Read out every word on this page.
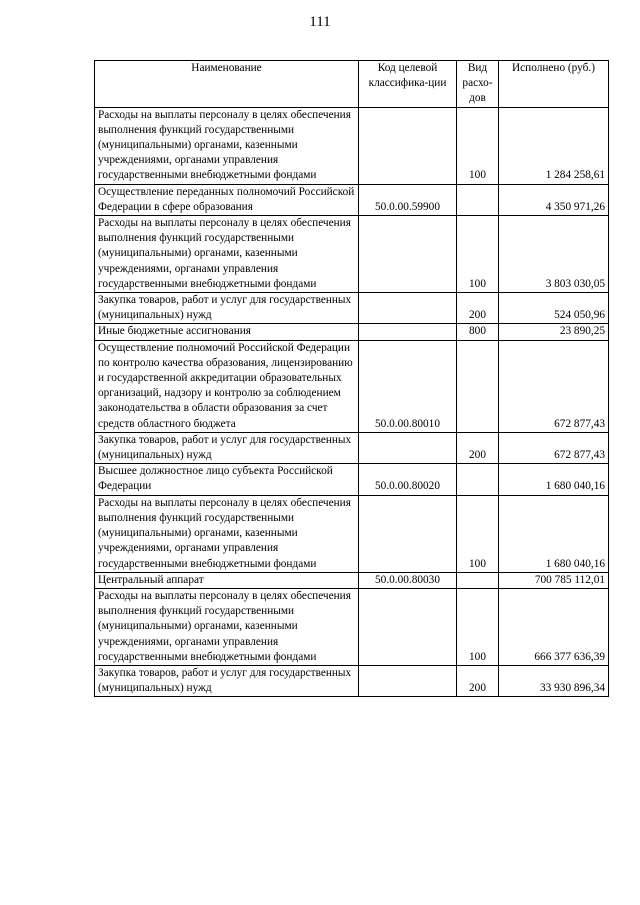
111
Наименование	Код целевой классифика-ции	Вид расхо-дов	Исполнено (руб.)
Расходы на выплаты персоналу в целях обеспечения выполнения функций государственными (муниципальными) органами, казенными учреждениями, органами управления государственными внебюджетными фондами		100	1 284 258,61
Осуществление переданных полномочий Российской Федерации в сфере образования	50.0.00.59900		4 350 971,26
Расходы на выплаты персоналу в целях обеспечения выполнения функций государственными (муниципальными) органами, казенными учреждениями, органами управления государственными внебюджетными фондами		100	3 803 030,05
Закупка товаров, работ и услуг для государственных (муниципальных) нужд		200	524 050,96
Иные бюджетные ассигнования		800	23 890,25
Осуществление полномочий Российской Федерации по контролю качества образования, лицензированию и государственной аккредитации образовательных организаций, надзору и контролю за соблюдением законодательства в области образования за счет средств областного бюджета	50.0.00.80010		672 877,43
Закупка товаров, работ и услуг для государственных (муниципальных) нужд		200	672 877,43
Высшее должностное лицо субъекта Российской Федерации	50.0.00.80020		1 680 040,16
Расходы на выплаты персоналу в целях обеспечения выполнения функций государственными (муниципальными) органами, казенными учреждениями, органами управления государственными внебюджетными фондами		100	1 680 040,16
Центральный аппарат	50.0.00.80030		700 785 112,01
Расходы на выплаты персоналу в целях обеспечения выполнения функций государственными (муниципальными) органами, казенными учреждениями, органами управления государственными внебюджетными фондами		100	666 377 636,39
Закупка товаров, работ и услуг для государственных (муниципальных) нужд		200	33 930 896,34
